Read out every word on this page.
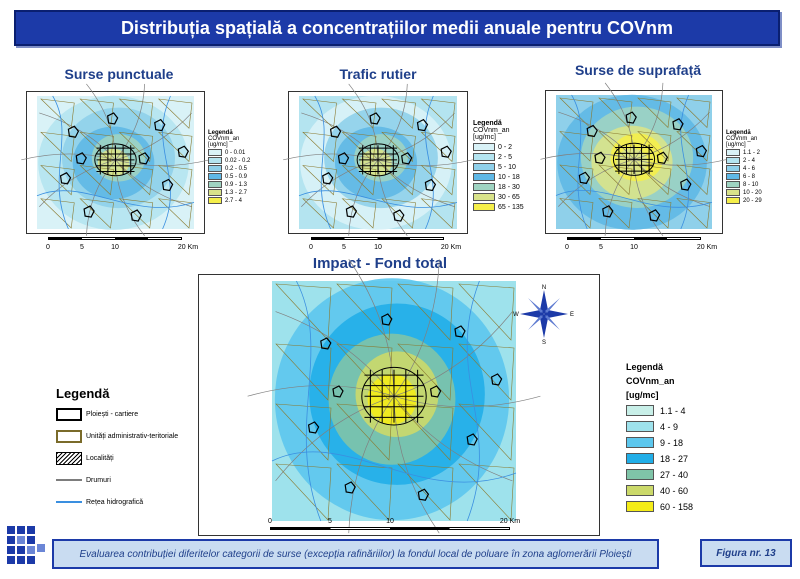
Distribuția spațială a concentrațiilor medii anuale pentru COVnm
Surse punctuale
0	5	10	20 Km
Legendă
COVnm_an
[ug/mc]
0 - 0.01
0.02 - 0.2
0.2 - 0.5
0.5 - 0.9
0.9 - 1.3
1.3 - 2.7
2.7 - 4
Trafic rutier
0	5	10	20 Km
Legendă
COVnm_an
[ug/mc]
0 - 2
2 - 5
5 - 10
10 - 18
18 - 30
30 - 65
65 - 135
Surse de suprafață
0	5	10	20 Km
Legendă
COVnm_an
[ug/mc]
1.1 - 2
2 - 4
4 - 6
6 - 8
8 - 10
10 - 20
20 - 29
Impact - Fond total
N
S
E
W
0	5	10	20 Km
Legendă
Ploiești - cartiere
Unități administrativ-teritoriale
Localități
Drumuri
Rețea hidrografică
Legendă
COVnm_an
[ug/mc]
1.1 - 4
4 - 9
9 - 18
18 - 27
27 - 40
40 - 60
60 - 158
Evaluarea contribuției diferitelor categorii de surse (excepția rafinăriilor) la fondul local de poluare în zona aglomerării Ploiești	Figura nr. 13
